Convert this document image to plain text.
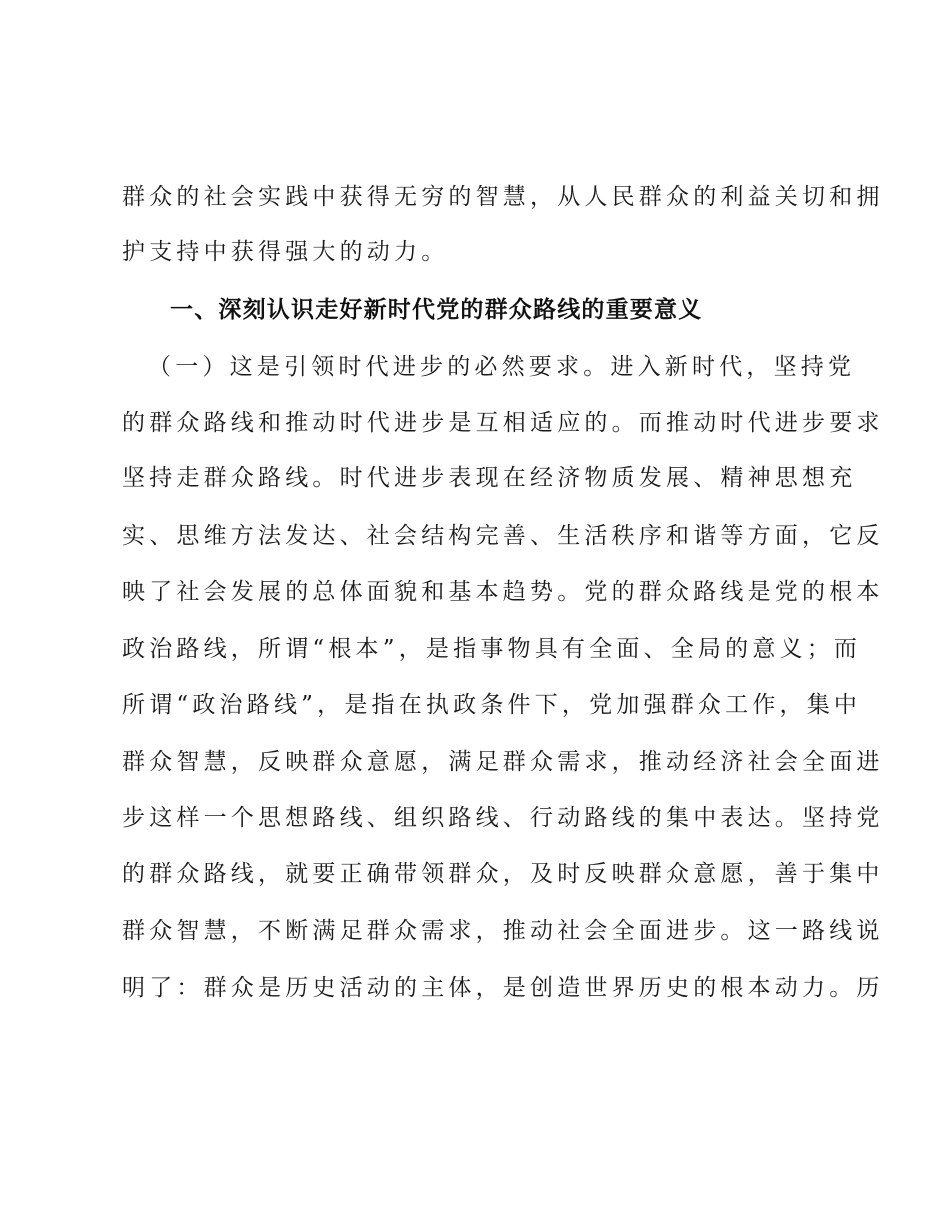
群众的社会实践中获得无穷的智慧，从人民群众的利益关切和拥
护支持中获得强大的动力。
一、深刻认识走好新时代党的群众路线的重要意义
（一）这是引领时代进步的必然要求。进入新时代，坚持党
的群众路线和推动时代进步是互相适应的。而推动时代进步要求
坚持走群众路线。时代进步表现在经济物质发展、精神思想充
实、思维方法发达、社会结构完善、生活秩序和谐等方面，它反
映了社会发展的总体面貌和基本趋势。党的群众路线是党的根本
政治路线，所谓“根本”，是指事物具有全面、全局的意义；而
所谓“政治路线”，是指在执政条件下，党加强群众工作，集中
群众智慧，反映群众意愿，满足群众需求，推动经济社会全面进
步这样一个思想路线、组织路线、行动路线的集中表达。坚持党
的群众路线，就要正确带领群众，及时反映群众意愿，善于集中
群众智慧，不断满足群众需求，推动社会全面进步。这一路线说
明了：群众是历史活动的主体，是创造世界历史的根本动力。历
